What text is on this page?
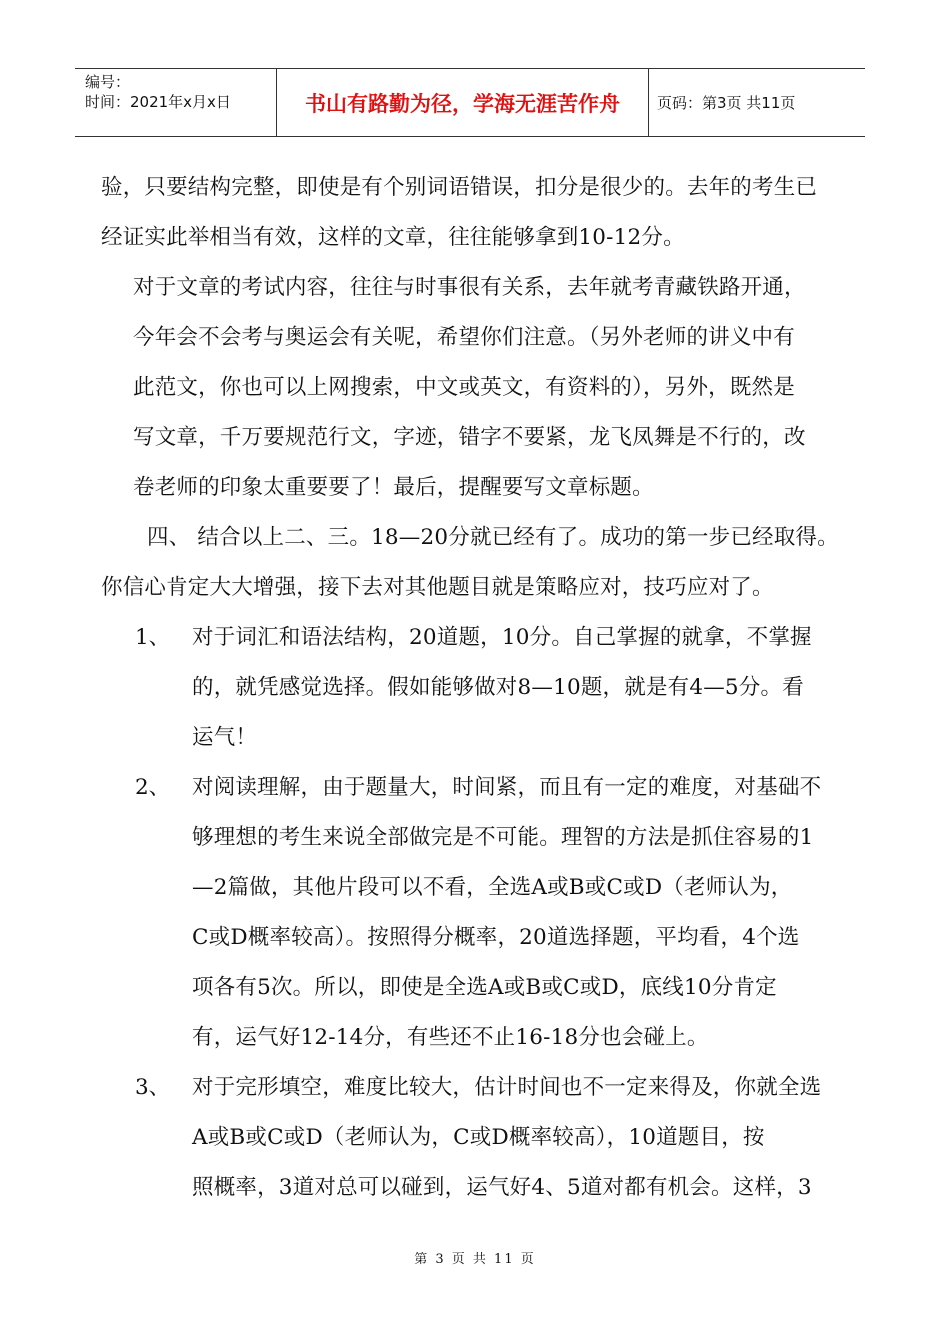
编号：
时间：2021年x月x日	书山有路勤为径，学海无涯苦作舟 页码：第3页 共11页
验，只要结构完整，即使是有个别词语错误，扣分是很少的。去年的考生已
经证实此举相当有效，这样的文章，往往能够拿到10-12分。
对于文章的考试内容，往往与时事很有关系，去年就考青藏铁路开通，
今年会不会考与奥运会有关呢，希望你们注意。（另外老师的讲义中有
此范文，你也可以上网搜索，中文或英文，有资料的），另外，既然是
写文章，千万要规范行文，字迹，错字不要紧，龙飞凤舞是不行的，改
卷老师的印象太重要要了！最后，提醒要写文章标题。
四、 结合以上二、三。18—20分就已经有了。成功的第一步已经取得。
你信心肯定大大增强，接下去对其他题目就是策略应对，技巧应对了。
1、 对于词汇和语法结构，20道题，10分。自己掌握的就拿，不掌握
的，就凭感觉选择。假如能够做对8—10题，就是有4—5分。看
运气！
2、 对阅读理解，由于题量大，时间紧，而且有一定的难度，对基础不
够理想的考生来说全部做完是不可能。理智的方法是抓住容易的1
—2篇做，其他片段可以不看，全选A或B或C或D（老师认为，
C或D概率较高）。按照得分概率，20道选择题，平均看，4个选
项各有5次。所以，即使是全选A或B或C或D，底线10分肯定
有，运气好12-14分，有些还不止16-18分也会碰上。
3、 对于完形填空，难度比较大，估计时间也不一定来得及，你就全选
A或B或C或D（老师认为，C或D概率较高），10道题目，按
照概率，3道对总可以碰到，运气好4、5道对都有机会。这样，3
第 3 页 共 11 页
